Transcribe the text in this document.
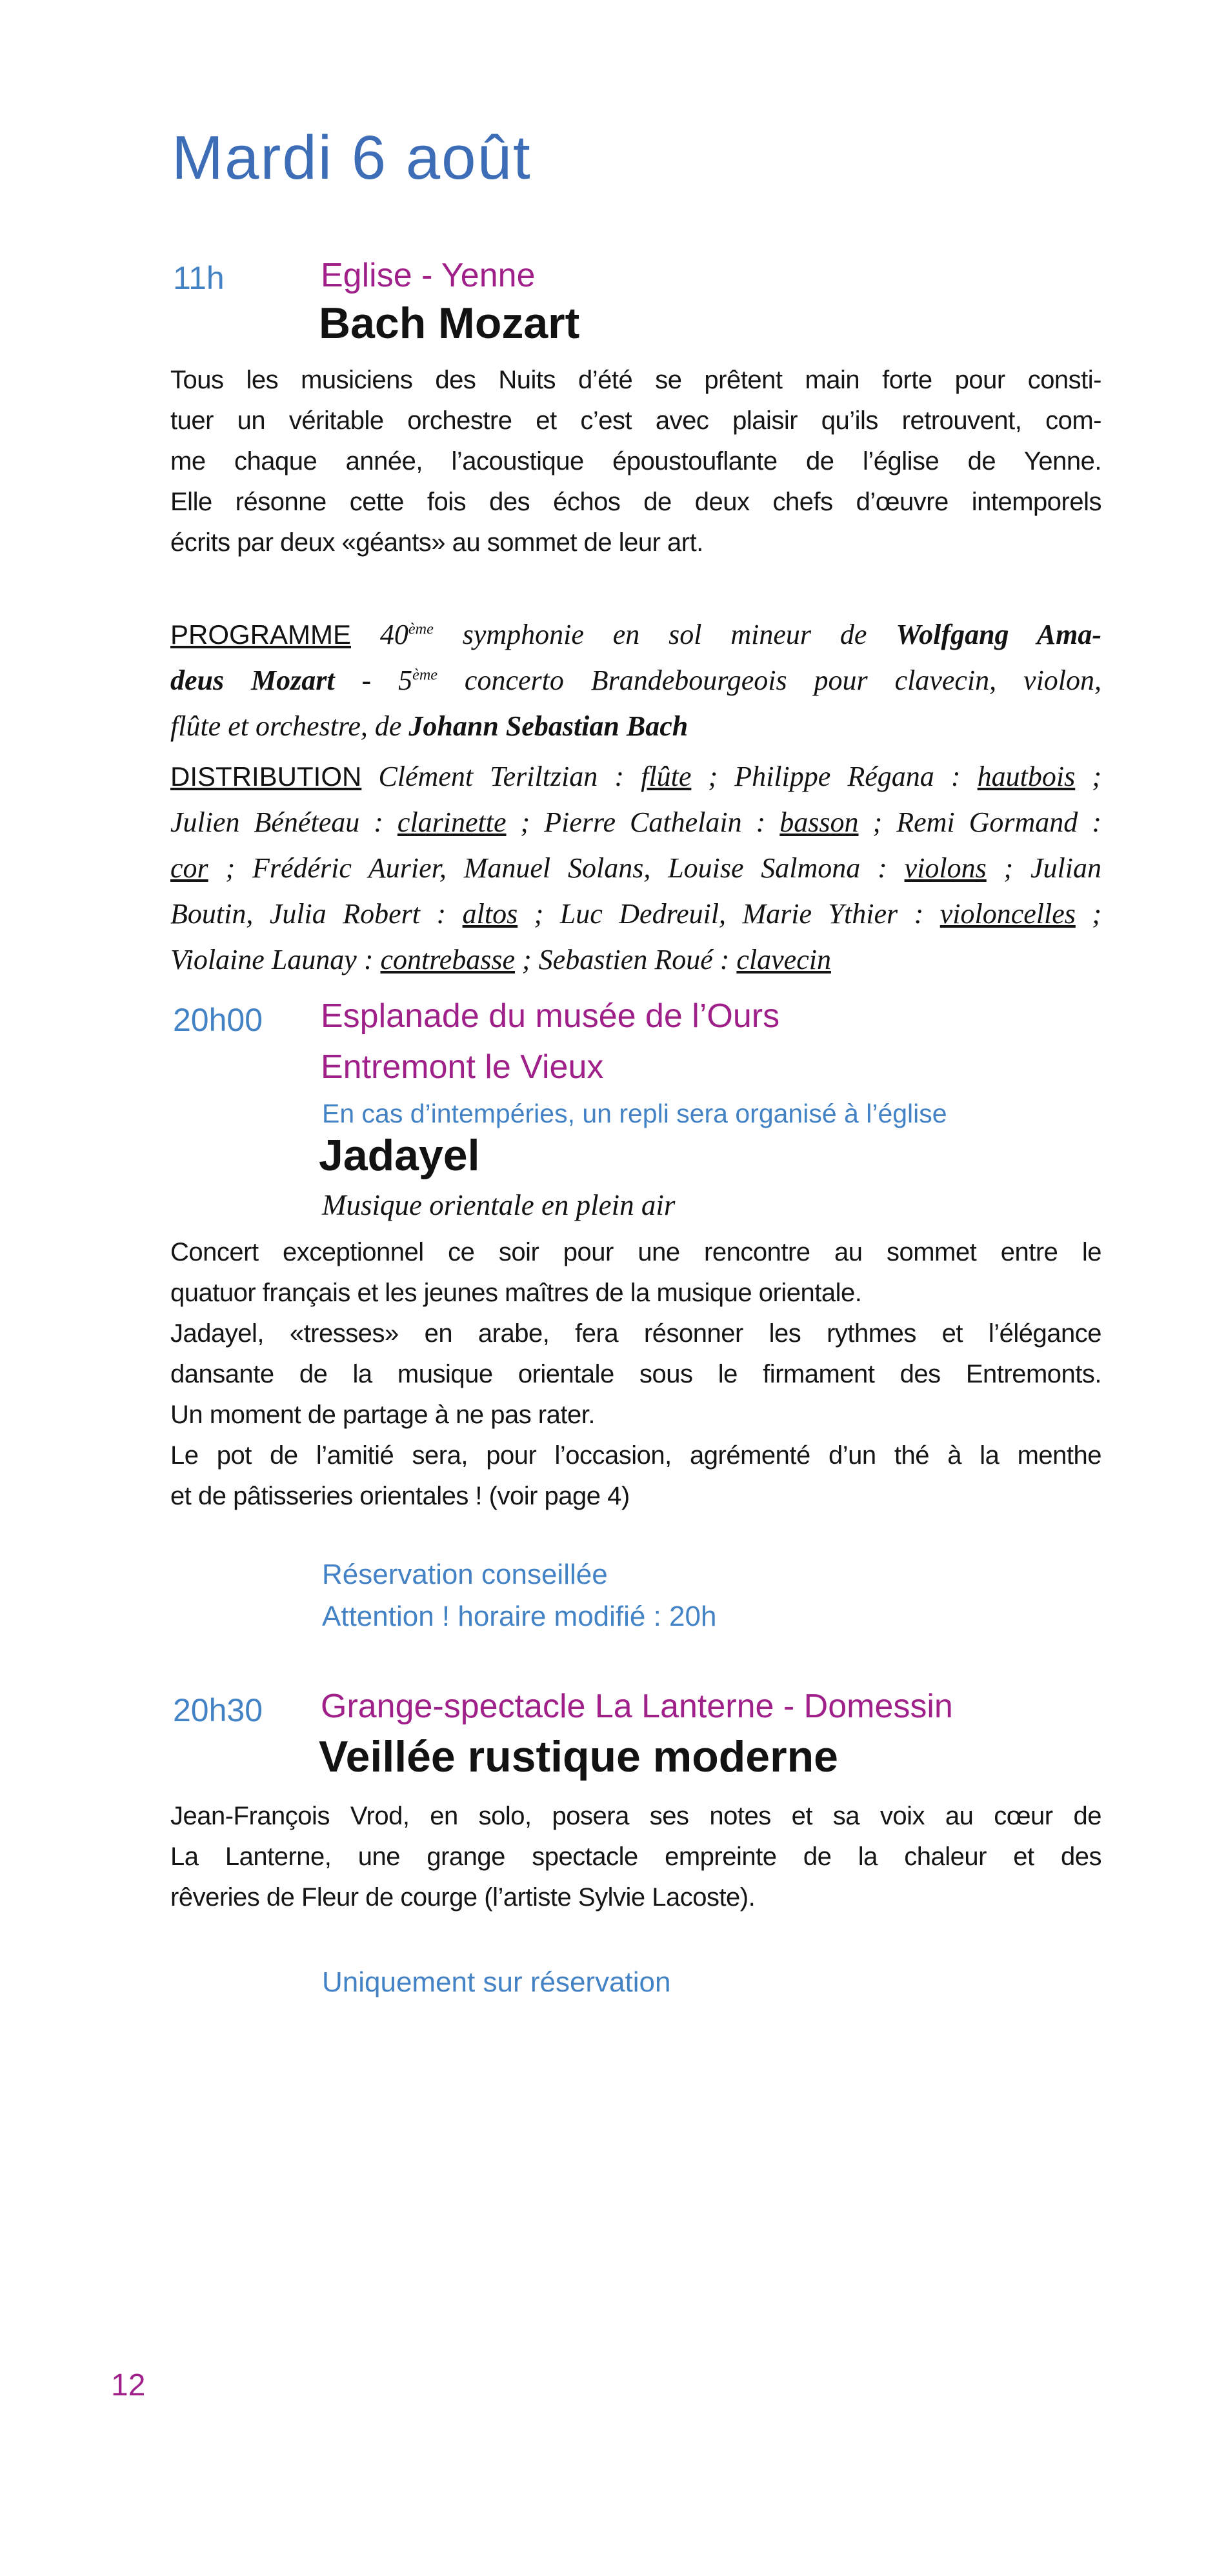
Mardi 6 août
11h	Eglise - Yenne
Bach Mozart
Tous les musiciens des Nuits d’été se prêtent main forte pour consti-
tuer un véritable orchestre et c’est avec plaisir qu’ils retrouvent, com-
me chaque année, l’acoustique époustouflante de l’église de Yenne.
Elle résonne cette fois des échos de deux chefs d’œuvre intemporels
écrits par deux «géants» au sommet de leur art.
PROGRAMME 40ème symphonie en sol mineur de Wolfgang Ama-
deus Mozart - 5ème concerto Brandebourgeois pour clavecin, violon,
flûte et orchestre, de Johann Sebastian Bach
DISTRIBUTION Clément Teriltzian : flûte ; Philippe Régana : hautbois ;
Julien Bénéteau : clarinette ; Pierre Cathelain : basson ; Remi Gormand :
cor ; Frédéric Aurier, Manuel Solans, Louise Salmona : violons ; Julian
Boutin, Julia Robert : altos ; Luc Dedreuil, Marie Ythier : violoncelles ;
Violaine Launay : contrebasse ; Sebastien Roué : clavecin
20h00 Esplanade du musée de l’Ours
Entremont le Vieux
En cas d’intempéries, un repli sera organisé à l’église
Jadayel
Musique orientale en plein air
Concert exceptionnel ce soir pour une rencontre au sommet entre le
quatuor français et les jeunes maîtres de la musique orientale.
Jadayel, «tresses» en arabe, fera résonner les rythmes et l’élégance
dansante de la musique orientale sous le firmament des Entremonts.
Un moment de partage à ne pas rater.
Le pot de l’amitié sera, pour l’occasion, agrémenté d’un thé à la menthe
et de pâtisseries orientales ! (voir page 4)
Réservation conseillée
Attention ! horaire modifié : 20h
20h30 Grange-spectacle La Lanterne - Domessin
Veillée rustique moderne
Jean-François Vrod, en solo, posera ses notes et sa voix au cœur de
La Lanterne, une grange spectacle empreinte de la chaleur et des
rêveries de Fleur de courge (l’artiste Sylvie Lacoste).
Uniquement sur réservation
12
